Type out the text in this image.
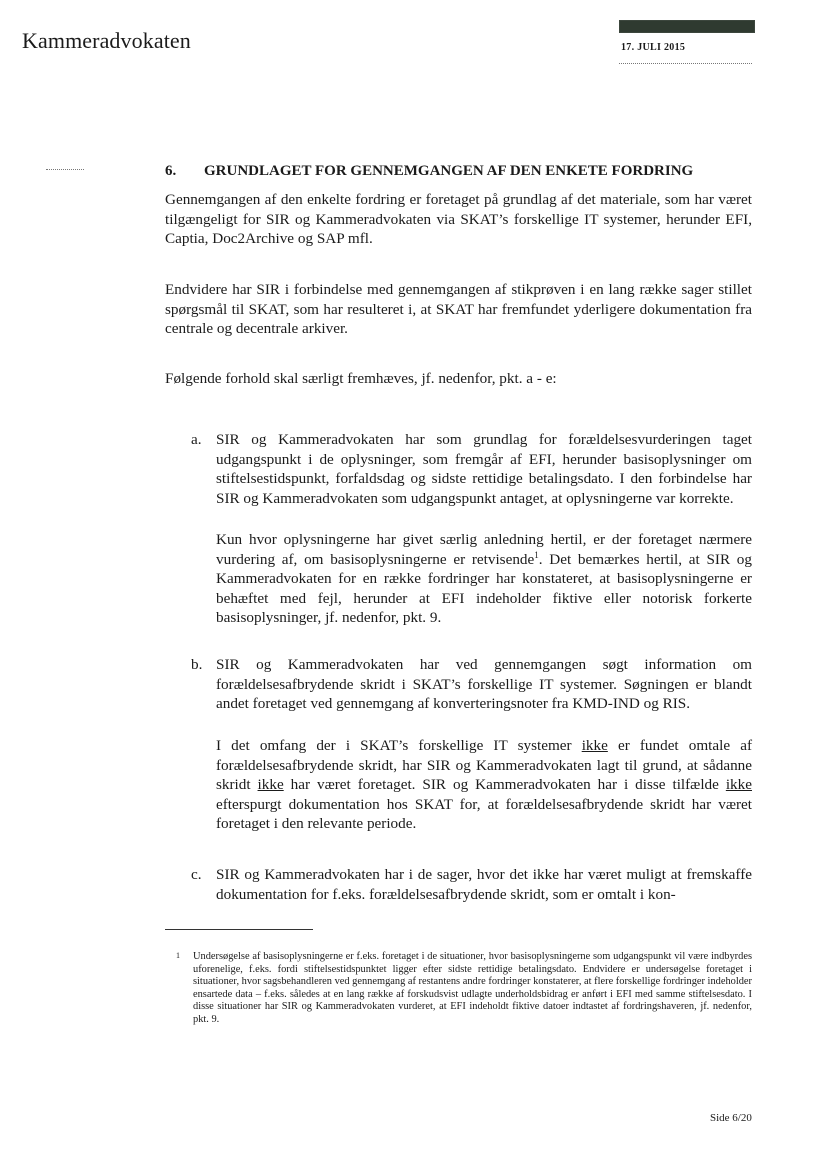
Kammeradvokaten	17. JULI 2015
6.	GRUNDLAGET FOR GENNEMGANGEN AF DEN ENKETE FORDRING

Gennemgangen af den enkelte fordring er foretaget på grundlag af det materiale, som har været tilgængeligt for SIR og Kammeradvokaten via SKAT’s forskellige IT systemer, herunder EFI, Captia, Doc2Archive og SAP mfl.

Endvidere har SIR i forbindelse med gennemgangen af stikprøven i en lang række sager stillet spørgsmål til SKAT, som har resulteret i, at SKAT har fremfundet yderligere dokumentation fra centrale og decentrale arkiver.

Følgende forhold skal særligt fremhæves, jf. nedenfor, pkt. a - e:

a. SIR og Kammeradvokaten har som grundlag for forældelsesvurderingen taget udgangspunkt i de oplysninger, som fremgår af EFI, herunder basisoplysninger om stiftelsestidspunkt, forfaldsdag og sidste rettidige betalingsdato. I den forbindelse har SIR og Kammeradvokaten som udgangspunkt antaget, at oplysningerne var korrekte.

Kun hvor oplysningerne har givet særlig anledning hertil, er der foretaget nærmere vurdering af, om basisoplysningerne er retvisende$^1$. Det bemærkes hertil, at SIR og Kammeradvokaten for en række fordringer har konstateret, at basisoplysningerne er behæftet med fejl, herunder at EFI indeholder fiktive eller notorisk forkerte basisoplysninger, jf. nedenfor, pkt. 9.

b. SIR og Kammeradvokaten har ved gennemgangen søgt information om forældelsesafbrydende skridt i SKAT’s forskellige IT systemer. Søgningen er blandt andet foretaget ved gennemgang af konverteringsnoter fra KMD-IND og RIS.

I det omfang der i SKAT’s forskellige IT systemer ikke er fundet omtale af forældelsesafbrydende skridt, har SIR og Kammeradvokaten lagt til grund, at sådanne skridt ikke har været foretaget. SIR og Kammeradvokaten har i disse tilfælde ikke efterspurgt dokumentation hos SKAT for, at forældelsesafbrydende skridt har været foretaget i den relevante periode.

c. SIR og Kammeradvokaten har i de sager, hvor det ikke har været muligt at fremskaffe dokumentation for f.eks. forældelsesafbrydende skridt, som er omtalt i kon-

1 Undersøgelse af basisoplysningerne er f.eks. foretaget i de situationer, hvor basisoplysningerne som udgangspunkt vil være indbyrdes uforenelige, f.eks. fordi stiftelsestidspunktet ligger efter sidste rettidige betalingsdato. Endvidere er undersøgelse foretaget i situationer, hvor sagsbehandleren ved gennemgang af restantens andre fordringer konstaterer, at flere forskellige fordringer indeholder ensartede data – f.eks. således at en lang række af forskudsvist udlagte underholdsbidrag er anført i EFI med samme stiftelsesdato. I disse situationer har SIR og Kammeradvokaten vurderet, at EFI indeholdt fiktive datoer indtastet af fordringshaveren, jf. nedenfor, pkt. 9.

Side 6/20
